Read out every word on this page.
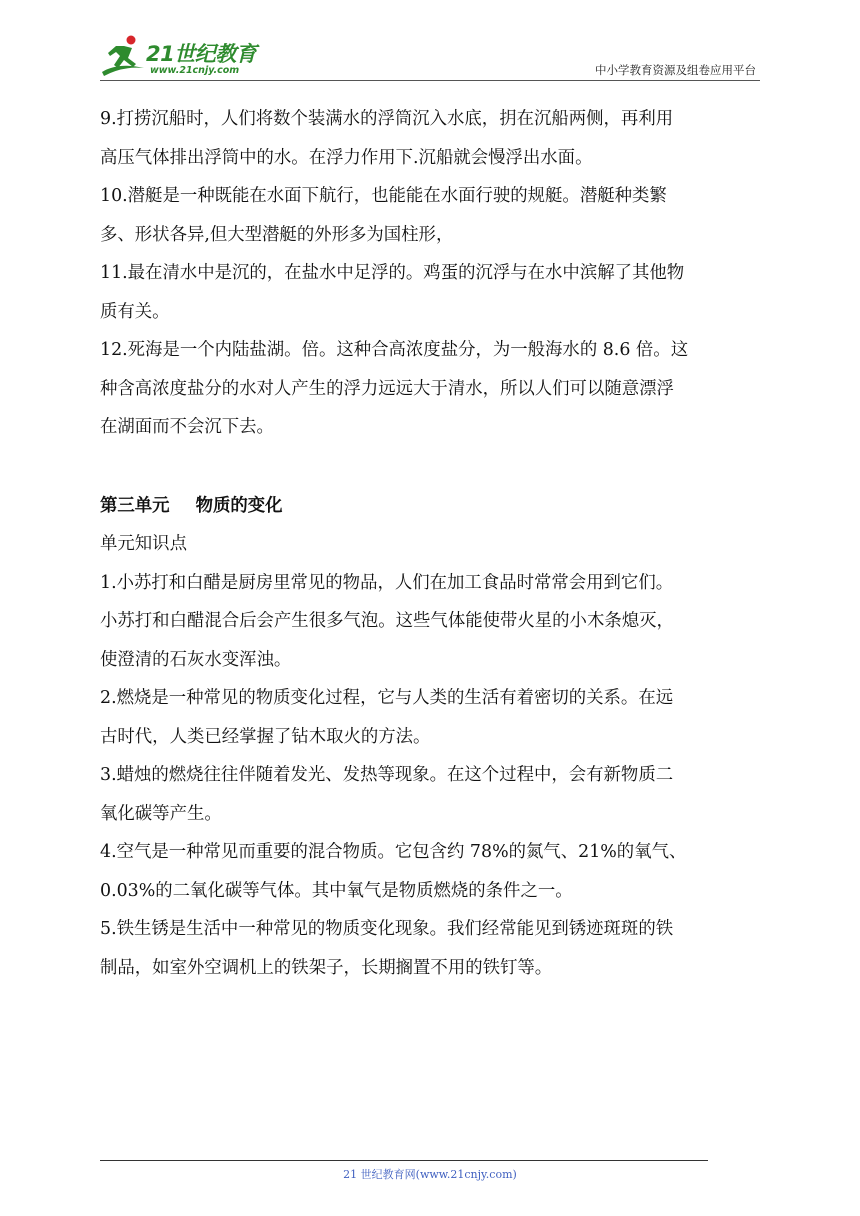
21世纪教育
www.21cnjy.com	中小学教育资源及组卷应用平台

9.打捞沉船时，人们将数个装满水的浮筒沉入水底，抈在沉船两侧，再利用
高压气体排出浮筒中的水。在浮力作用下.沉船就会慢浮出水面。

10.潜艇是一种既能在水面下航行，也能能在水面行驶的规艇。潜艇种类繁
多、形状各异,但大型潜艇的外形多为国柱形，

11.最在清水中是沉的，在盐水中足浮的。鸡蛋的沉浮与在水中滨解了其他物
质有关。

12.死海是一个内陆盐湖。倍。这种合高浓度盐分，为一般海水的 8.6 倍。这
种含高浓度盐分的水对人产生的浮力远远大于清水，所以人们可以随意漂浮
在湖面而不会沉下去。

第三单元 物质的变化

单元知识点

1.小苏打和白醋是厨房里常见的物品，人们在加工食品时常常会用到它们。
小苏打和白醋混合后会产生很多气泡。这些气体能使带火星的小木条熄灭，
使澄清的石灰水变浑浊。

2.燃烧是一种常见的物质变化过程，它与人类的生活有着密切的关系。在远
古时代，人类已经掌握了钻木取火的方法。

3.蜡烛的燃烧往往伴随着发光、发热等现象。在这个过程中，会有新物质二
氧化碳等产生。

4.空气是一种常见而重要的混合物质。它包含约 78%的氮气、21%的氧气、
0.03%的二氧化碳等气体。其中氧气是物质燃烧的条件之一。

5.铁生锈是生活中一种常见的物质变化现象。我们经常能见到锈迹斑斑的铁
制品，如室外空调机上的铁架子，长期搁置不用的铁钉等。

21 世纪教育网(www.21cnjy.com)
